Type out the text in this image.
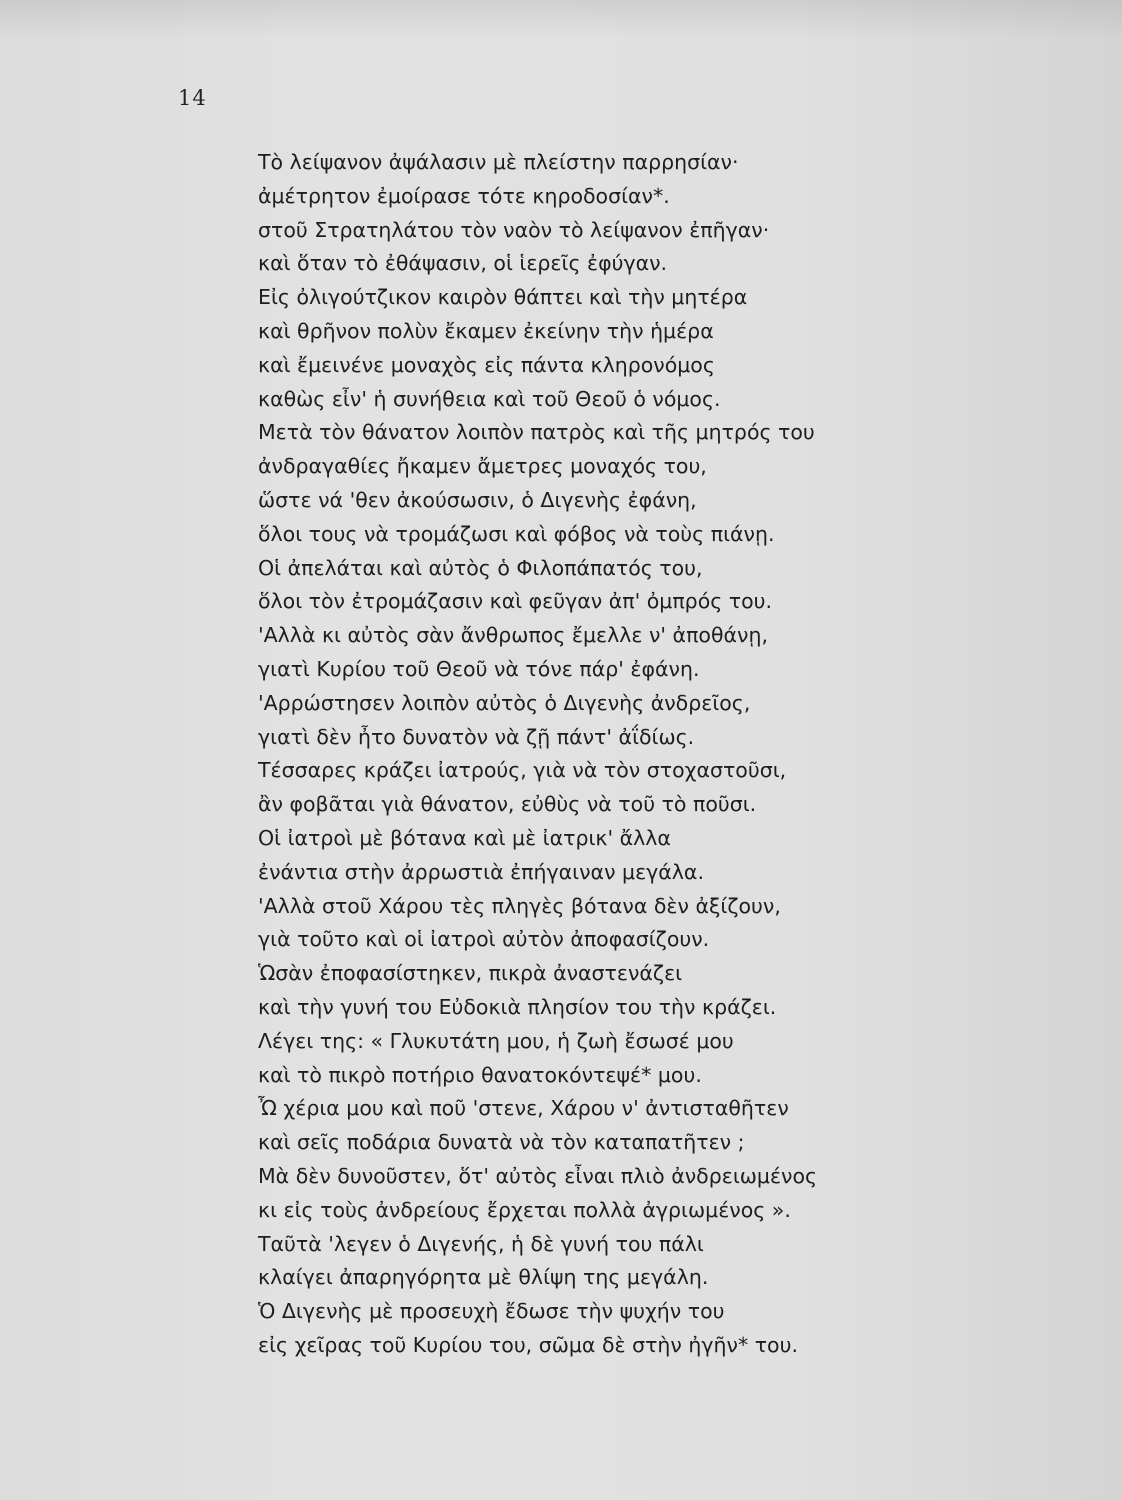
14
Τὸ λείψανον ἀψάλασιν μὲ πλείστην παρρησίαν·
ἀμέτρητον ἐμοίρασε τότε κηροδοσίαν*.
στοῦ Στρατηλάτου τὸν ναὸν τὸ λείψανον ἐπῆγαν·
καὶ ὅταν τὸ ἐθάψασιν, οἱ ἱερεῖς ἐφύγαν.
Εἰς ὀλιγούτζικον καιρὸν θάπτει καὶ τὴν μητέρα
καὶ θρῆνον πολὺν ἔκαμεν ἐκείνην τὴν ἡμέρα
καὶ ἔμεινένε μοναχὸς εἰς πάντα κληρονόμος
καθὼς εἶν' ἡ συνήθεια καὶ τοῦ Θεοῦ ὁ νόμος.
Μετὰ τὸν θάνατον λοιπὸν πατρὸς καὶ τῆς μητρός του
ἀνδραγαθίες ἤκαμεν ἄμετρες μοναχός του,
ὥστε νά 'θεν ἀκούσωσιν, ὁ Διγενὴς ἐφάνη,
ὅλοι τους νὰ τρομάζωσι καὶ φόβος νὰ τοὺς πιάνῃ.
Οἱ ἀπελάται καὶ αὐτὸς ὁ Φιλοπάπατός του,
ὅλοι τὸν ἐτρομάζασιν καὶ φεῦγαν ἀπ' ὀμπρός του.
'Αλλὰ κι αὐτὸς σὰν ἄνθρωπος ἔμελλε ν' ἀποθάνῃ,
γιατὶ Κυρίου τοῦ Θεοῦ νὰ τόνε πάρ' ἐφάνη.
'Αρρώστησεν λοιπὸν αὐτὸς ὁ Διγενὴς ἀνδρεῖος,
γιατὶ δὲν ἦτο δυνατὸν νὰ ζῇ πάντ' ἀΐδίως.
Τέσσαρες κράζει ἰατρούς, γιὰ νὰ τὸν στοχαστοῦσι,
ἂν φοβᾶται γιὰ θάνατον, εὐθὺς νὰ τοῦ τὸ ποῦσι.
Οἱ ἰατροὶ μὲ βότανα καὶ μὲ ἰατρικ' ἄλλα
ἐνάντια στὴν ἀρρωστιὰ ἐπήγαιναν μεγάλα.
'Αλλὰ στοῦ Χάρου τὲς πληγὲς βότανα δὲν ἀξίζουν,
γιὰ τοῦτο καὶ οἱ ἰατροὶ αὐτὸν ἀποφασίζουν.
Ὡσὰν ἐποφασίστηκεν, πικρὰ ἀναστενάζει
καὶ τὴν γυνή του Εὐδοκιὰ πλησίον του τὴν κράζει.
Λέγει της: « Γλυκυτάτη μου, ἡ ζωὴ ἔσωσέ μου
καὶ τὸ πικρὸ ποτήριο θανατοκόντεψέ* μου.
Ὦ χέρια μου καὶ ποῦ 'στενε, Χάρου ν' ἀντισταθῆτεν
καὶ σεῖς ποδάρια δυνατὰ νὰ τὸν καταπατῆτεν ;
Μὰ δὲν δυνοῦστεν, ὅτ' αὐτὸς εἶναι πλιὸ ἀνδρειωμένος
κι εἰς τοὺς ἀνδρείους ἔρχεται πολλὰ ἀγριωμένος ».
Ταῦτὰ 'λεγεν ὁ Διγενής, ἡ δὲ γυνή του πάλι
κλαίγει ἀπαρηγόρητα μὲ θλίψη της μεγάλη.
Ὁ Διγενὴς μὲ προσευχὴ ἔδωσε τὴν ψυχήν του
εἰς χεῖρας τοῦ Κυρίου του, σῶμα δὲ στὴν ἠγῆν* του.
